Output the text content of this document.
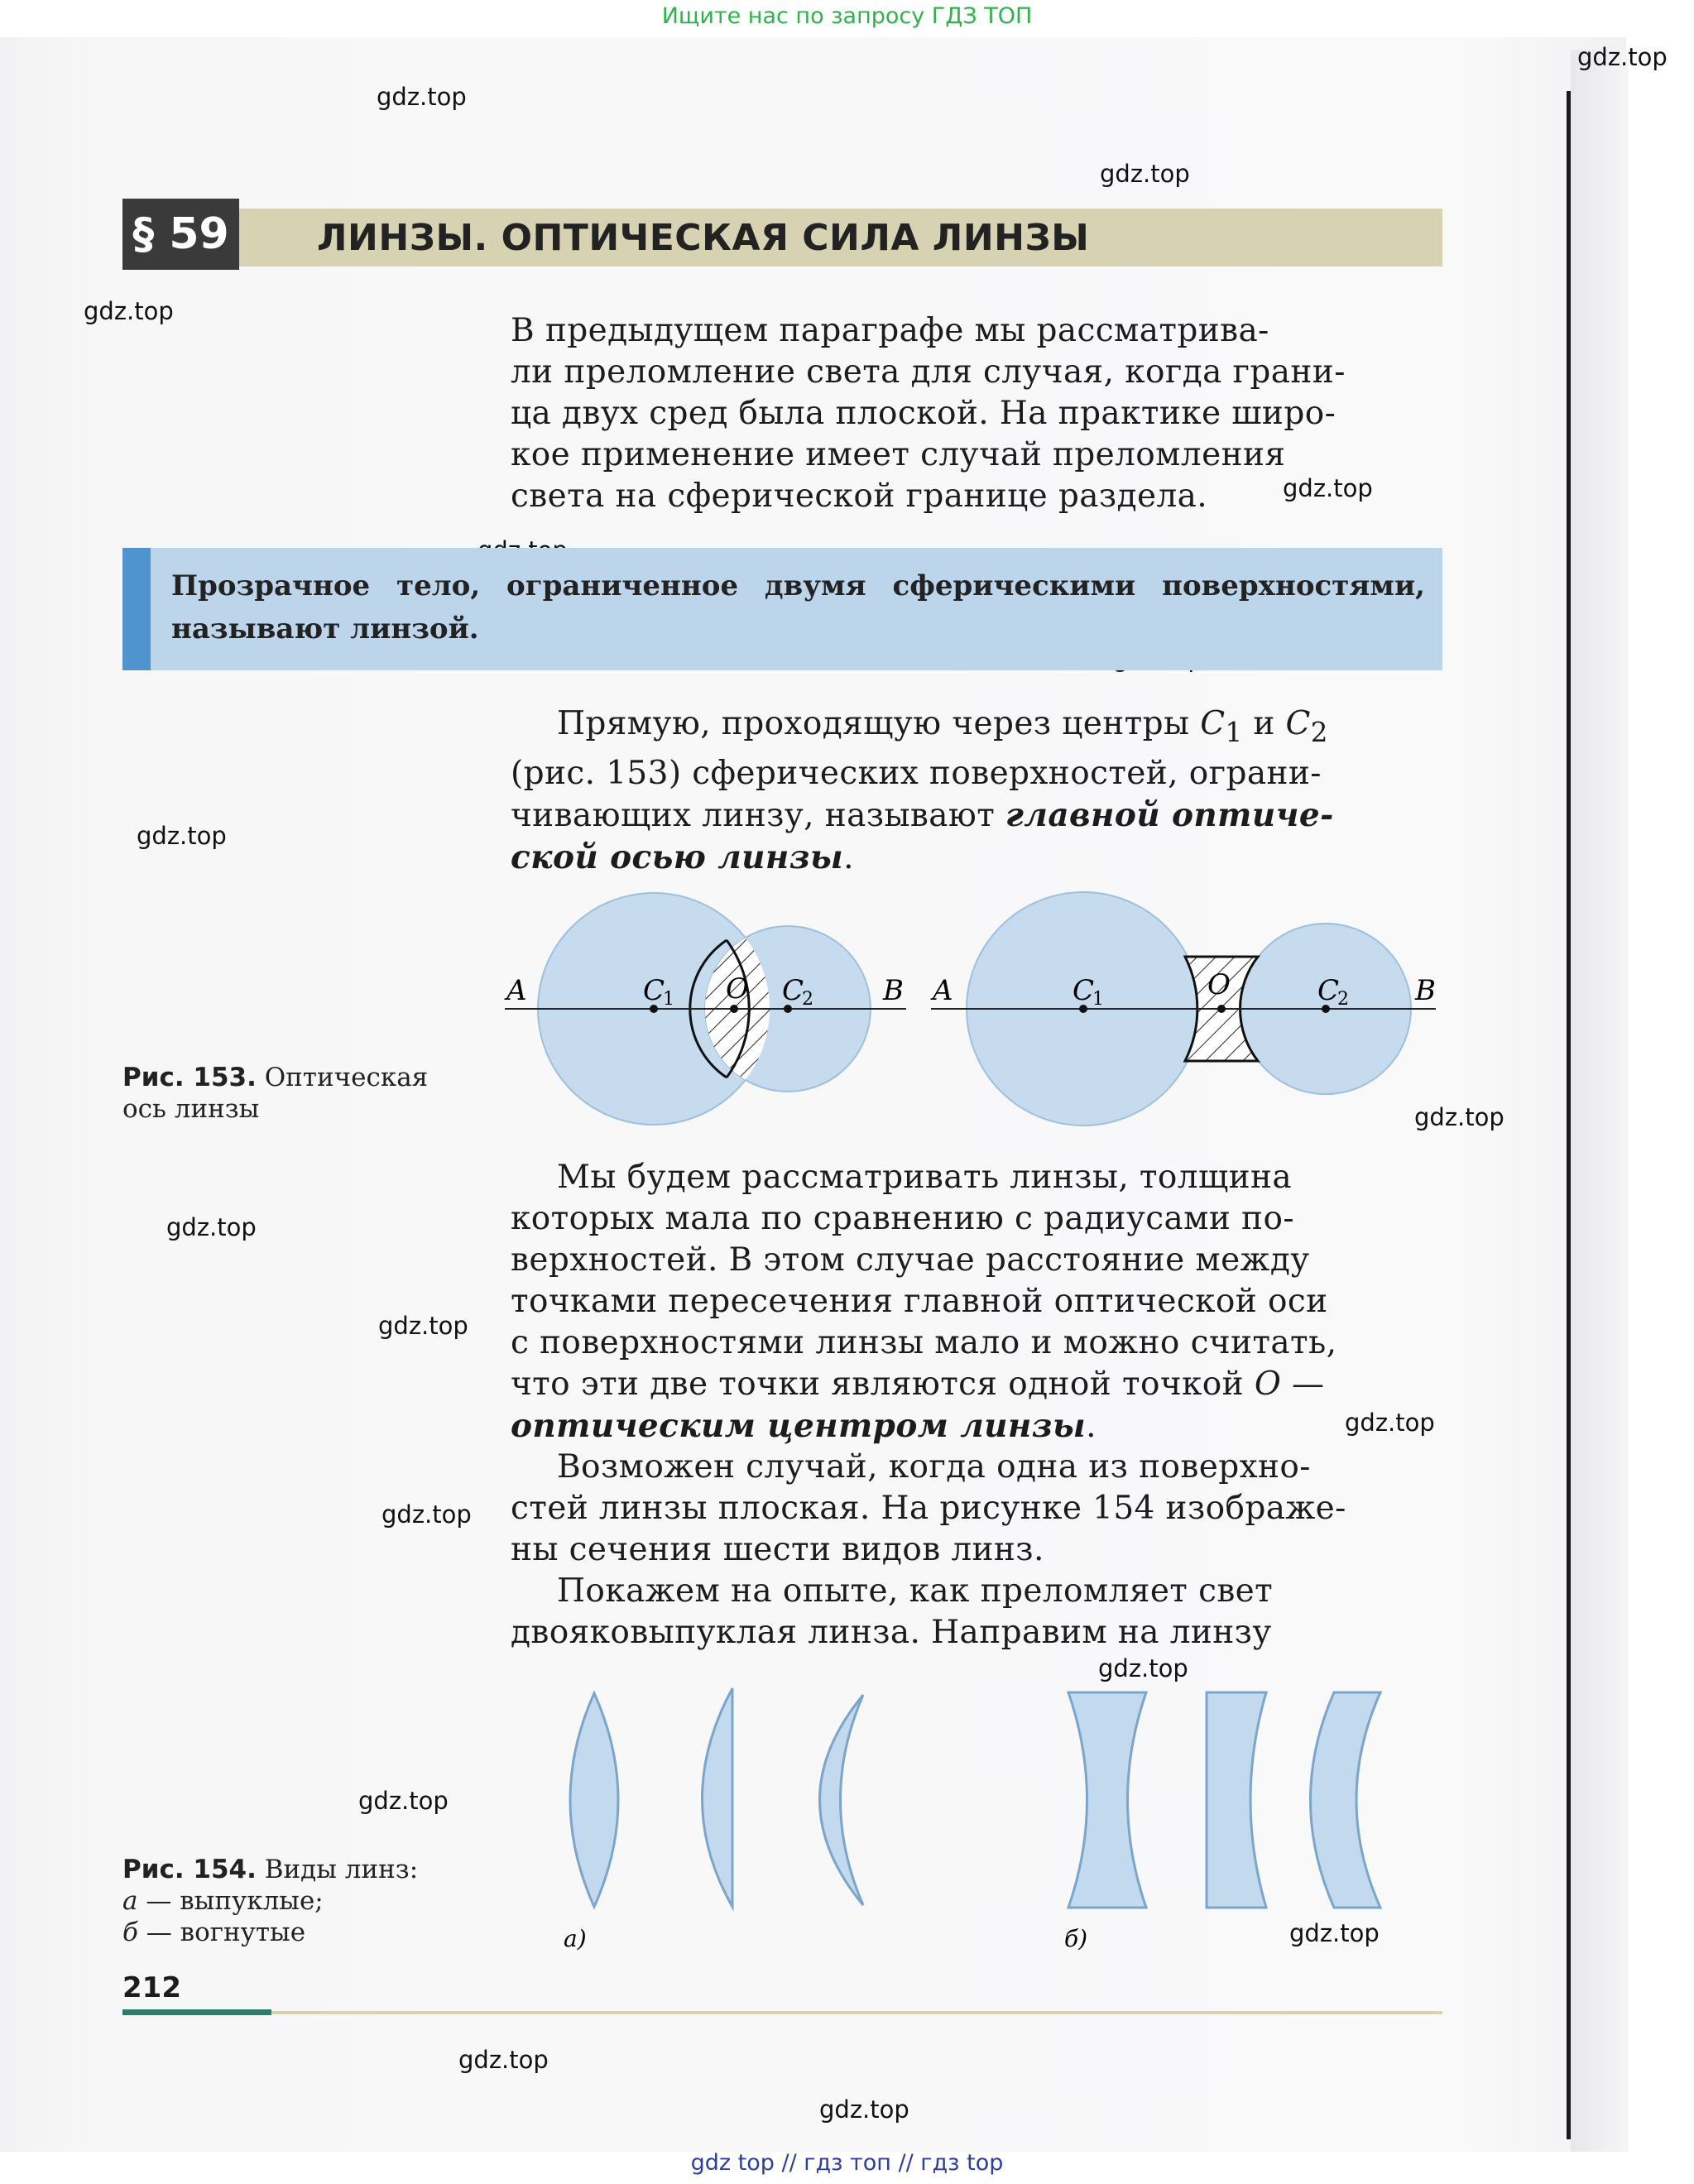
Ищите нас по запросу ГДЗ ТОП
gdz.top
gdz.top
gdz.top
gdz.top
gdz.top
gdz.top
gdz.top
gdz.top
gdz.top
gdz.top
gdz.top
gdz.top
gdz.top
gdz.top
gdz.top
gdz.top
§ 59 ЛИНЗЫ. ОПТИЧЕСКАЯ СИЛА ЛИНЗЫ

В предыдущем параграфе мы рассматрива-

ли преломление света для случая, когда грани-

ца двух сред была плоской. На практике широ-

кое применение имеет случай преломления

света на сферической границе раздела.

Прозрачное тело, ограниченное двумя сферическими поверхностями,
называют линзой.

Прямую, проходящую через центры $C_1$ и $C_2$

(рис. 153) сферических поверхностей, ограни-

чивающих линзу, называют главной оптиче-

ской осью линзы.

A	C
1 O C
2 B A	C
1	O	C
2 B
Рис. 153. Оптическая
ось линзы

Мы будем рассматривать линзы, толщина

которых мала по сравнению с радиусами по-

верхностей. В этом случае расстояние между

точками пересечения главной оптической оси

с поверхностями линзы мало и можно считать,

что эти две точки являются одной точкой O —

оптическим центром линзы.

Возможен случай, когда одна из поверхно-

стей линзы плоская. На рисунке 154 изображе-

ны сечения шести видов линз.

Покажем на опыте, как преломляет свет

двояковыпуклая линза. Направим на линзу

а)	б)
Рис. 154. Виды линз:
а — выпуклые;
б — вогнутые
212
gdz top // гдз топ // гдз top
